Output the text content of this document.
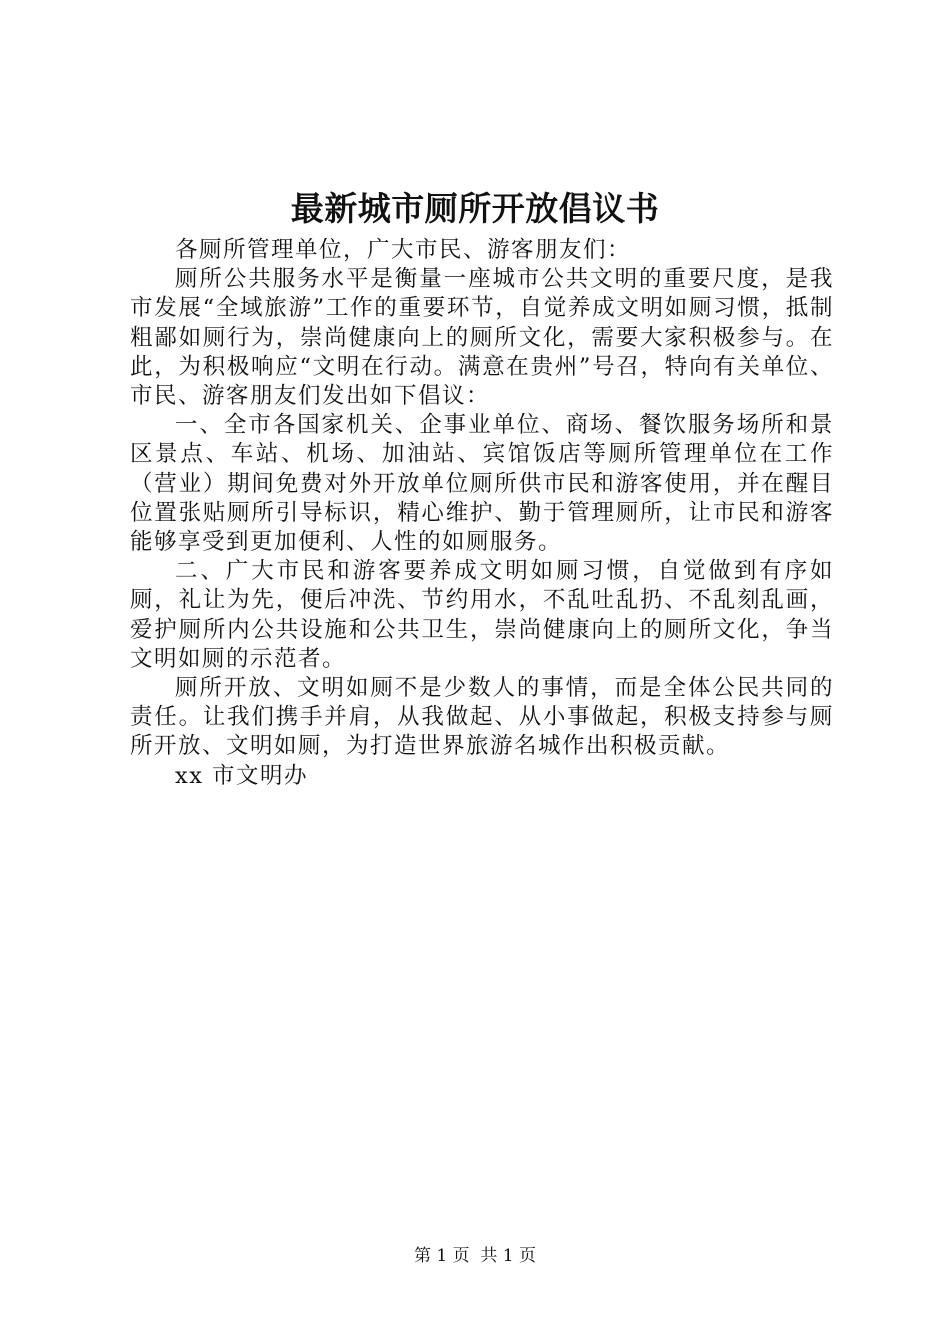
最新城市厕所开放倡议书

各厕所管理单位，广大市民、游客朋友们：

厕所公共服务水平是衡量一座城市公共文明的重要尺度，是我市发展“全域旅游”工作的重要环节，自觉养成文明如厕习惯，抵制粗鄙如厕行为，崇尚健康向上的厕所文化，需要大家积极参与。在此，为积极响应“文明在行动。满意在贵州”号召，特向有关单位、市民、游客朋友们发出如下倡议：

一、全市各国家机关、企事业单位、商场、餐饮服务场所和景区景点、车站、机场、加油站、宾馆饭店等厕所管理单位在工作（营业）期间免费对外开放单位厕所供市民和游客使用，并在醒目位置张贴厕所引导标识，精心维护、勤于管理厕所，让市民和游客能够享受到更加便利、人性的如厕服务。

二、广大市民和游客要养成文明如厕习惯，自觉做到有序如厕，礼让为先，便后冲洗、节约用水，不乱吐乱扔、不乱刻乱画，爱护厕所内公共设施和公共卫生，崇尚健康向上的厕所文化，争当文明如厕的示范者。

厕所开放、文明如厕不是少数人的事情，而是全体公民共同的责任。让我们携手并肩，从我做起、从小事做起，积极支持参与厕所开放、文明如厕，为打造世界旅游名城作出积极贡献。

xx 市文明办

第 1 页  共 1 页
